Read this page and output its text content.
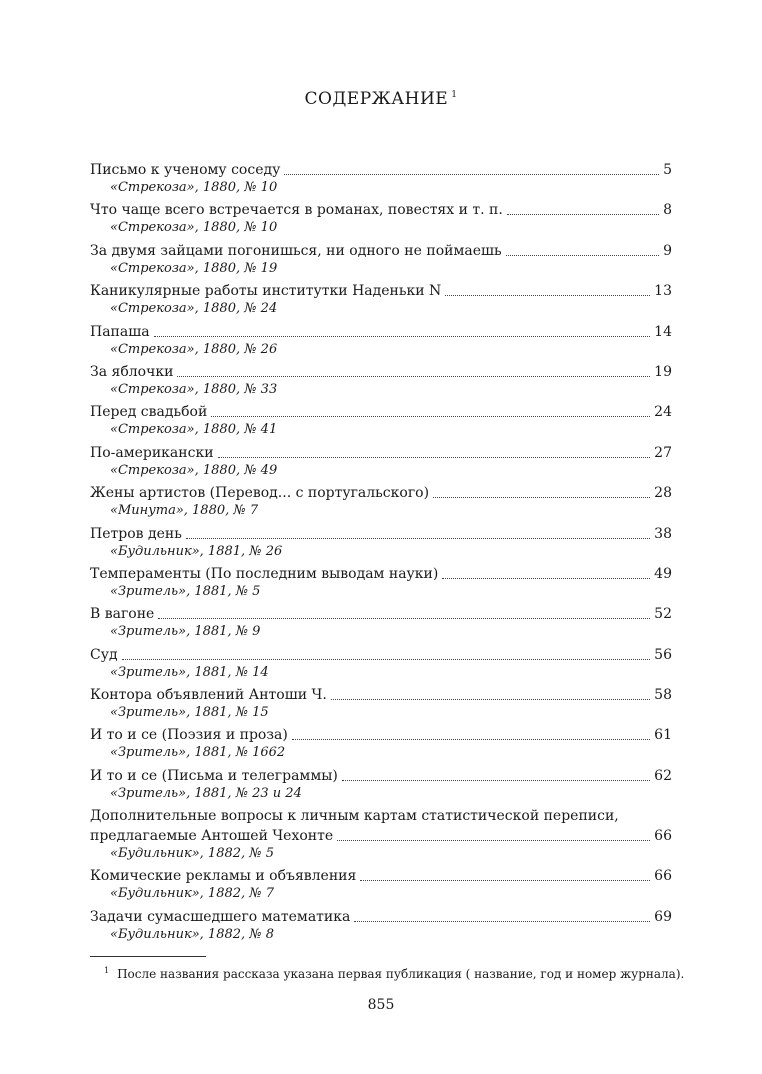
СОДЕРЖАНИЕ $^1$
Письмо к ученому соседу	5
«Стрекоза», 1880, № 10
Что чаще всего встречается в романах, повестях и т. п.	8
«Стрекоза», 1880, № 10
За двумя зайцами погонишься, ни одного не поймаешь	9
«Стрекоза», 1880, № 19
Каникулярные работы институтки Наденьки N	13
«Стрекоза», 1880, № 24
Папаша	14
«Стрекоза», 1880, № 26
За яблочки	19
«Стрекоза», 1880, № 33
Перед свадьбой	24
«Стрекоза», 1880, № 41
По-американски	27
«Стрекоза», 1880, № 49
Жены артистов (Перевод... с португальского)	28
«Минута», 1880, № 7
Петров день	38
«Будильник», 1881, № 26
Темпераменты (По последним выводам науки)	49
«Зритель», 1881, № 5
В вагоне	52
«Зритель», 1881, № 9
Суд	56
«Зритель», 1881, № 14
Контора объявлений Антоши Ч.	58
«Зритель», 1881, № 15
И то и се (Поэзия и проза)	61
«Зритель», 1881, № 1662
И то и се (Письма и телеграммы)	62
«Зритель», 1881, № 23 и 24
Дополнительные вопросы к личным картам статистической переписи,
предлагаемые Антошей Чехонте	66
«Будильник», 1882, № 5
Комические рекламы и объявления	66
«Будильник», 1882, № 7
Задачи сумасшедшего математика	69
«Будильник», 1882, № 8
$^1$ После названия рассказа указана первая публикация ( название, год и номер журнала).
855
